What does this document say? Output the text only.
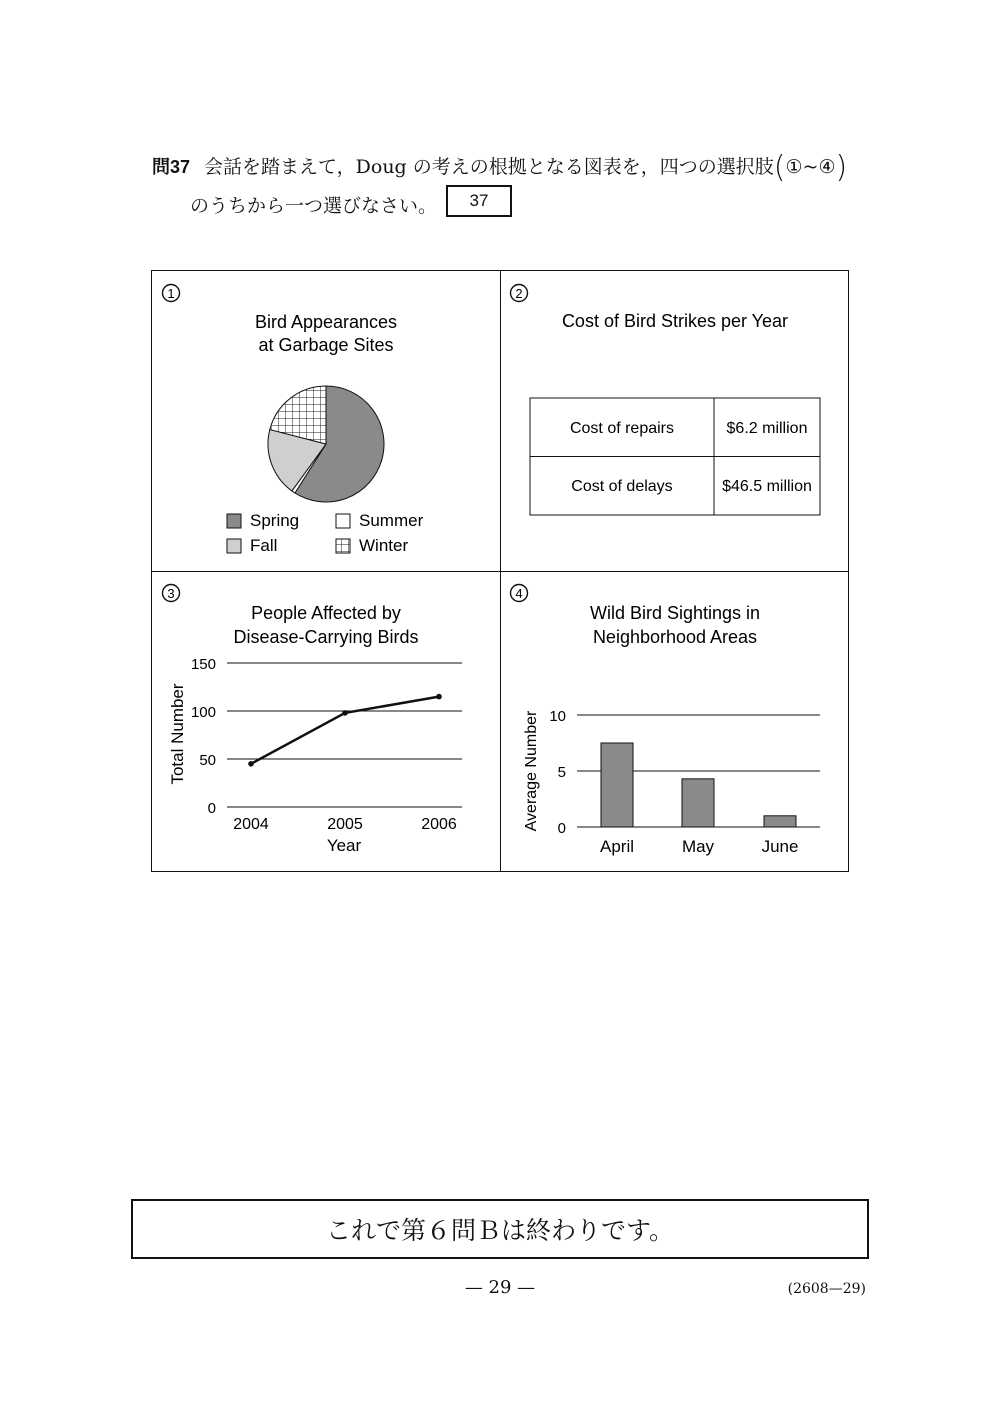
問37 会話を踏まえて，Doug の考えの根拠となる図表を，四つの選択肢(①~④)
のうちから一つ選びなさい。	37
1
Bird Appearances
at Garbage Sites
Spring	Summer
Fall	Winter
2
Cost of Bird Strikes per Year
Cost of repairs	$6.2 million
Cost of delays	$46.5 million
3
People Affected by
Disease-Carrying Birds
0
50
100
150
2004	2005	2006
Total Number
Year
4
Wild Bird Sightings in
Neighborhood Areas
0
5
10
April	May	June
Average Number
これで第６問Ｂは終わりです。
— 29 —	(2608—29)
